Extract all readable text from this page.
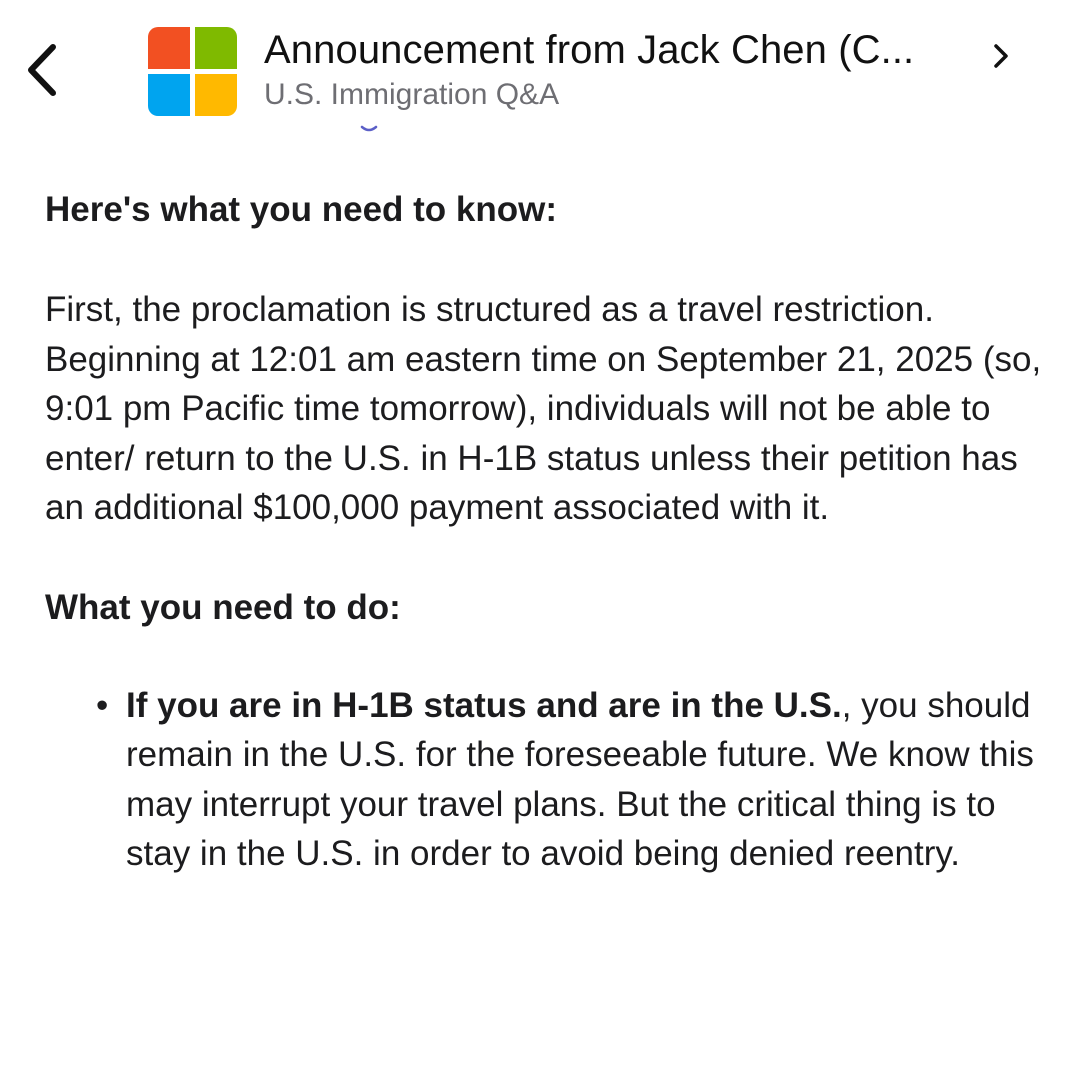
Announcement from Jack Chen (C...
U.S. Immigration Q&A

Here's what you need to know:

First, the proclamation is structured as a travel restriction. Beginning at 12:01 am eastern time on September 21, 2025 (so, 9:01 pm Pacific time tomorrow), individuals will not be able to enter/ return to the U.S. in H-1B status unless their petition has an additional $100,000 payment associated with it.

What you need to do:

• If you are in H-1B status and are in the U.S., you should remain in the U.S. for the foreseeable future. We know this may interrupt your travel plans. But the critical thing is to stay in the U.S. in order to avoid being denied reentry.
